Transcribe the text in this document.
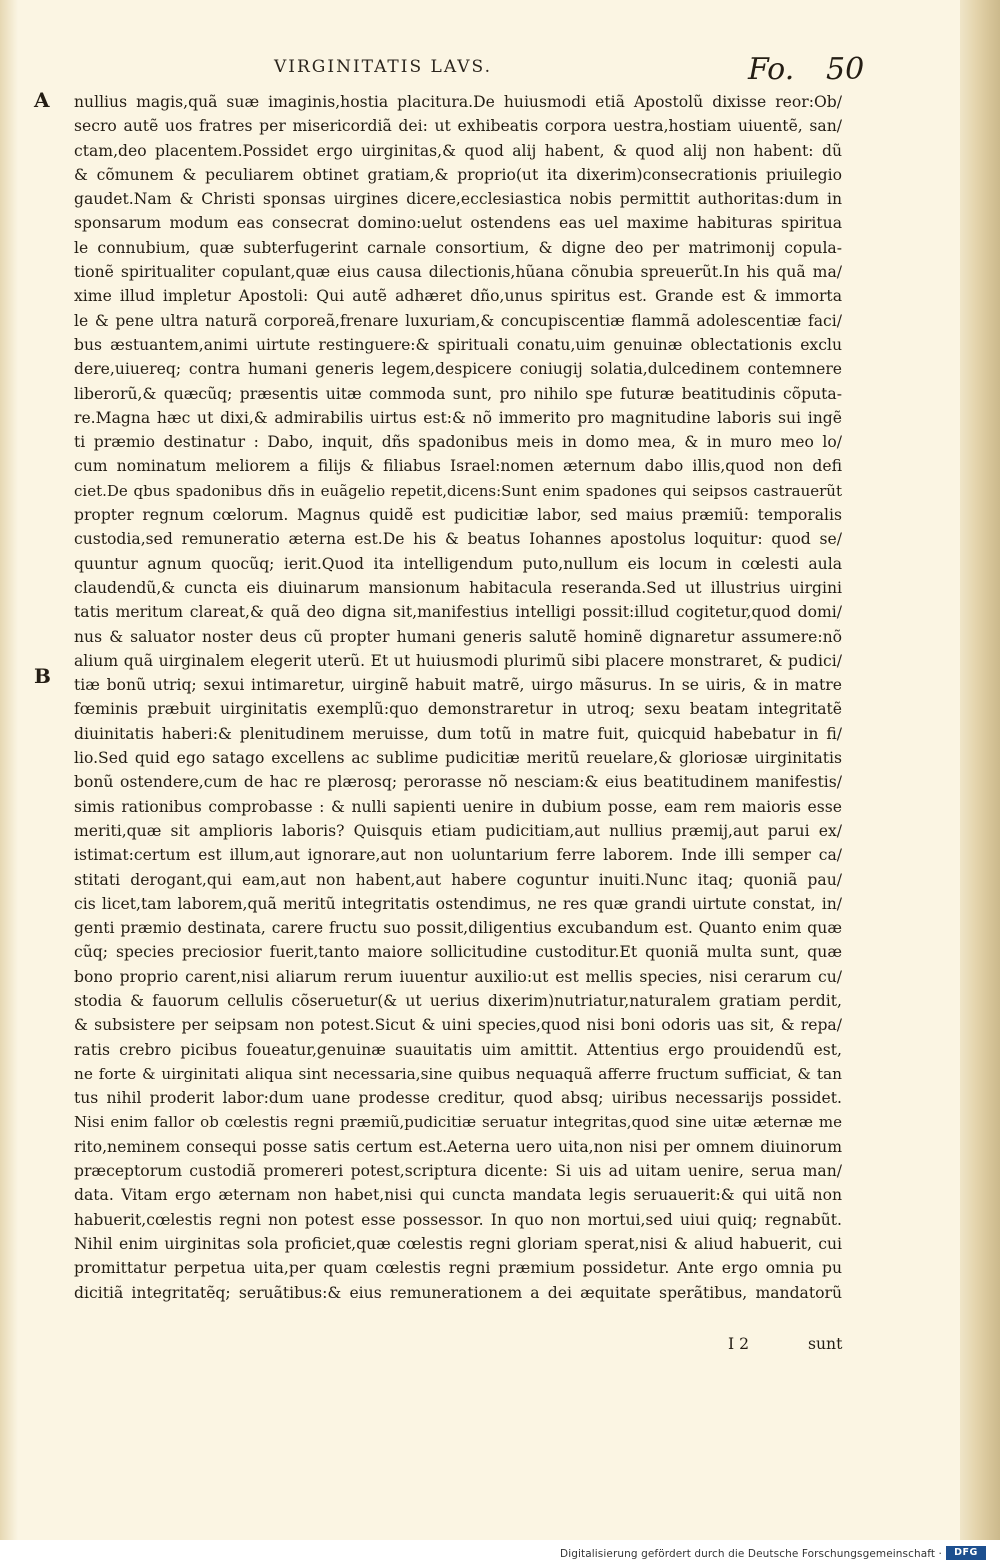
VIRGINITATIS LAVS.	Fo. 50
A
B
nullius magis,quã suæ imaginis,hostia placitura.De huiusmodi etiã Apostolũ dixisse reor:Ob/
secro autẽ uos fratres per misericordiã dei: ut exhibeatis corpora uestra,hostiam uiuentẽ, san/
ctam,deo placentem.Possidet ergo uirginitas,& quod alij habent, & quod alij non habent: dũ
& cõmunem & peculiarem obtinet gratiam,& proprio(ut ita dixerim)consecrationis priuilegio
gaudet.Nam & Christi sponsas uirgines dicere,ecclesiastica nobis permittit authoritas:dum in
sponsarum modum eas consecrat domino:uelut ostendens eas uel maxime habituras spiritua
le connubium, quæ subterfugerint carnale consortium, & digne deo per matrimonij copula-
tionẽ spiritualiter copulant,quæ eius causa dilectionis,hũana cõnubia spreuerũt.In his quã ma/
xime illud impletur Apostoli: Qui autẽ adhæret dño,unus spiritus est. Grande est & immorta
le & pene ultra naturã corporeã,frenare luxuriam,& concupiscentiæ flammã adolescentiæ faci/
bus æstuantem,animi uirtute restinguere:& spirituali conatu,uim genuinæ oblectationis exclu
dere,uiuereq; contra humani generis legem,despicere coniugij solatia,dulcedinem contemnere
liberorũ,& quæcũq; præsentis uitæ commoda sunt, pro nihilo spe futuræ beatitudinis cõputa-
re.Magna hæc ut dixi,& admirabilis uirtus est:& nõ immerito pro magnitudine laboris sui ingẽ
ti præmio destinatur : Dabo, inquit, dñs spadonibus meis in domo mea, & in muro meo lo/
cum nominatum meliorem a filijs & filiabus Israel:nomen æternum dabo illis,quod non defi
ciet.De qbus spadonibus dñs in euãgelio repetit,dicens:Sunt enim spadones qui seipsos castrauerũt
propter regnum cœlorum. Magnus quidẽ est pudicitiæ labor, sed maius præmiũ: temporalis
custodia,sed remuneratio æterna est.De his & beatus Iohannes apostolus loquitur: quod se/
quuntur agnum quocũq; ierit.Quod ita intelligendum puto,nullum eis locum in cœlesti aula
claudendũ,& cuncta eis diuinarum mansionum habitacula reseranda.Sed ut illustrius uirgini
tatis meritum clareat,& quã deo digna sit,manifestius intelligi possit:illud cogitetur,quod domi/
nus & saluator noster deus cũ propter humani generis salutẽ hominẽ dignaretur assumere:nõ
alium quã uirginalem elegerit uterũ. Et ut huiusmodi plurimũ sibi placere monstraret, & pudici/
tiæ bonũ utriq; sexui intimaretur, uirginẽ habuit matrẽ, uirgo mãsurus. In se uiris, & in matre
fœminis præbuit uirginitatis exemplũ:quo demonstraretur in utroq; sexu beatam integritatẽ
diuinitatis haberi:& plenitudinem meruisse, dum totũ in matre fuit, quicquid habebatur in fi/
lio.Sed quid ego satago excellens ac sublime pudicitiæ meritũ reuelare,& gloriosæ uirginitatis
bonũ ostendere,cum de hac re plærosq; perorasse nõ nesciam:& eius beatitudinem manifestis/
simis rationibus comprobasse : & nulli sapienti uenire in dubium posse, eam rem maioris esse
meriti,quæ sit amplioris laboris? Quisquis etiam pudicitiam,aut nullius præmij,aut parui ex/
istimat:certum est illum,aut ignorare,aut non uoluntarium ferre laborem. Inde illi semper ca/
stitati derogant,qui eam,aut non habent,aut habere coguntur inuiti.Nunc itaq; quoniã pau/
cis licet,tam laborem,quã meritũ integritatis ostendimus, ne res quæ grandi uirtute constat, in/
genti præmio destinata, carere fructu suo possit,diligentius excubandum est. Quanto enim quæ
cũq; species preciosior fuerit,tanto maiore sollicitudine custoditur.Et quoniã multa sunt, quæ
bono proprio carent,nisi aliarum rerum iuuentur auxilio:ut est mellis species, nisi cerarum cu/
stodia & fauorum cellulis cõseruetur(& ut uerius dixerim)nutriatur,naturalem gratiam perdit,
& subsistere per seipsam non potest.Sicut & uini species,quod nisi boni odoris uas sit, & repa/
ratis crebro picibus foueatur,genuinæ suauitatis uim amittit. Attentius ergo prouidendũ est,
ne forte & uirginitati aliqua sint necessaria,sine quibus nequaquã afferre fructum sufficiat, & tan
tus nihil proderit labor:dum uane prodesse creditur, quod absq; uiribus necessarijs possidet.
Nisi enim fallor ob cœlestis regni præmiũ,pudicitiæ seruatur integritas,quod sine uitæ æternæ me
rito,neminem consequi posse satis certum est.Aeterna uero uita,non nisi per omnem diuinorum
præceptorum custodiã promereri potest,scriptura dicente: Si uis ad uitam uenire, serua man/
data. Vitam ergo æternam non habet,nisi qui cuncta mandata legis seruauerit:& qui uitã non
habuerit,cœlestis regni non potest esse possessor. In quo non mortui,sed uiui quiq; regnabũt.
Nihil enim uirginitas sola proficiet,quæ cœlestis regni gloriam sperat,nisi & aliud habuerit, cui
promittatur perpetua uita,per quam cœlestis regni præmium possidetur. Ante ergo omnia pu
dicitiã integritatẽq; seruãtibus:& eius remunerationem a dei æquitate sperãtibus, mandatorũ
I 2	sunt
Digitalisierung gefördert durch die Deutsche Forschungsgemeinschaft ·	DFG
